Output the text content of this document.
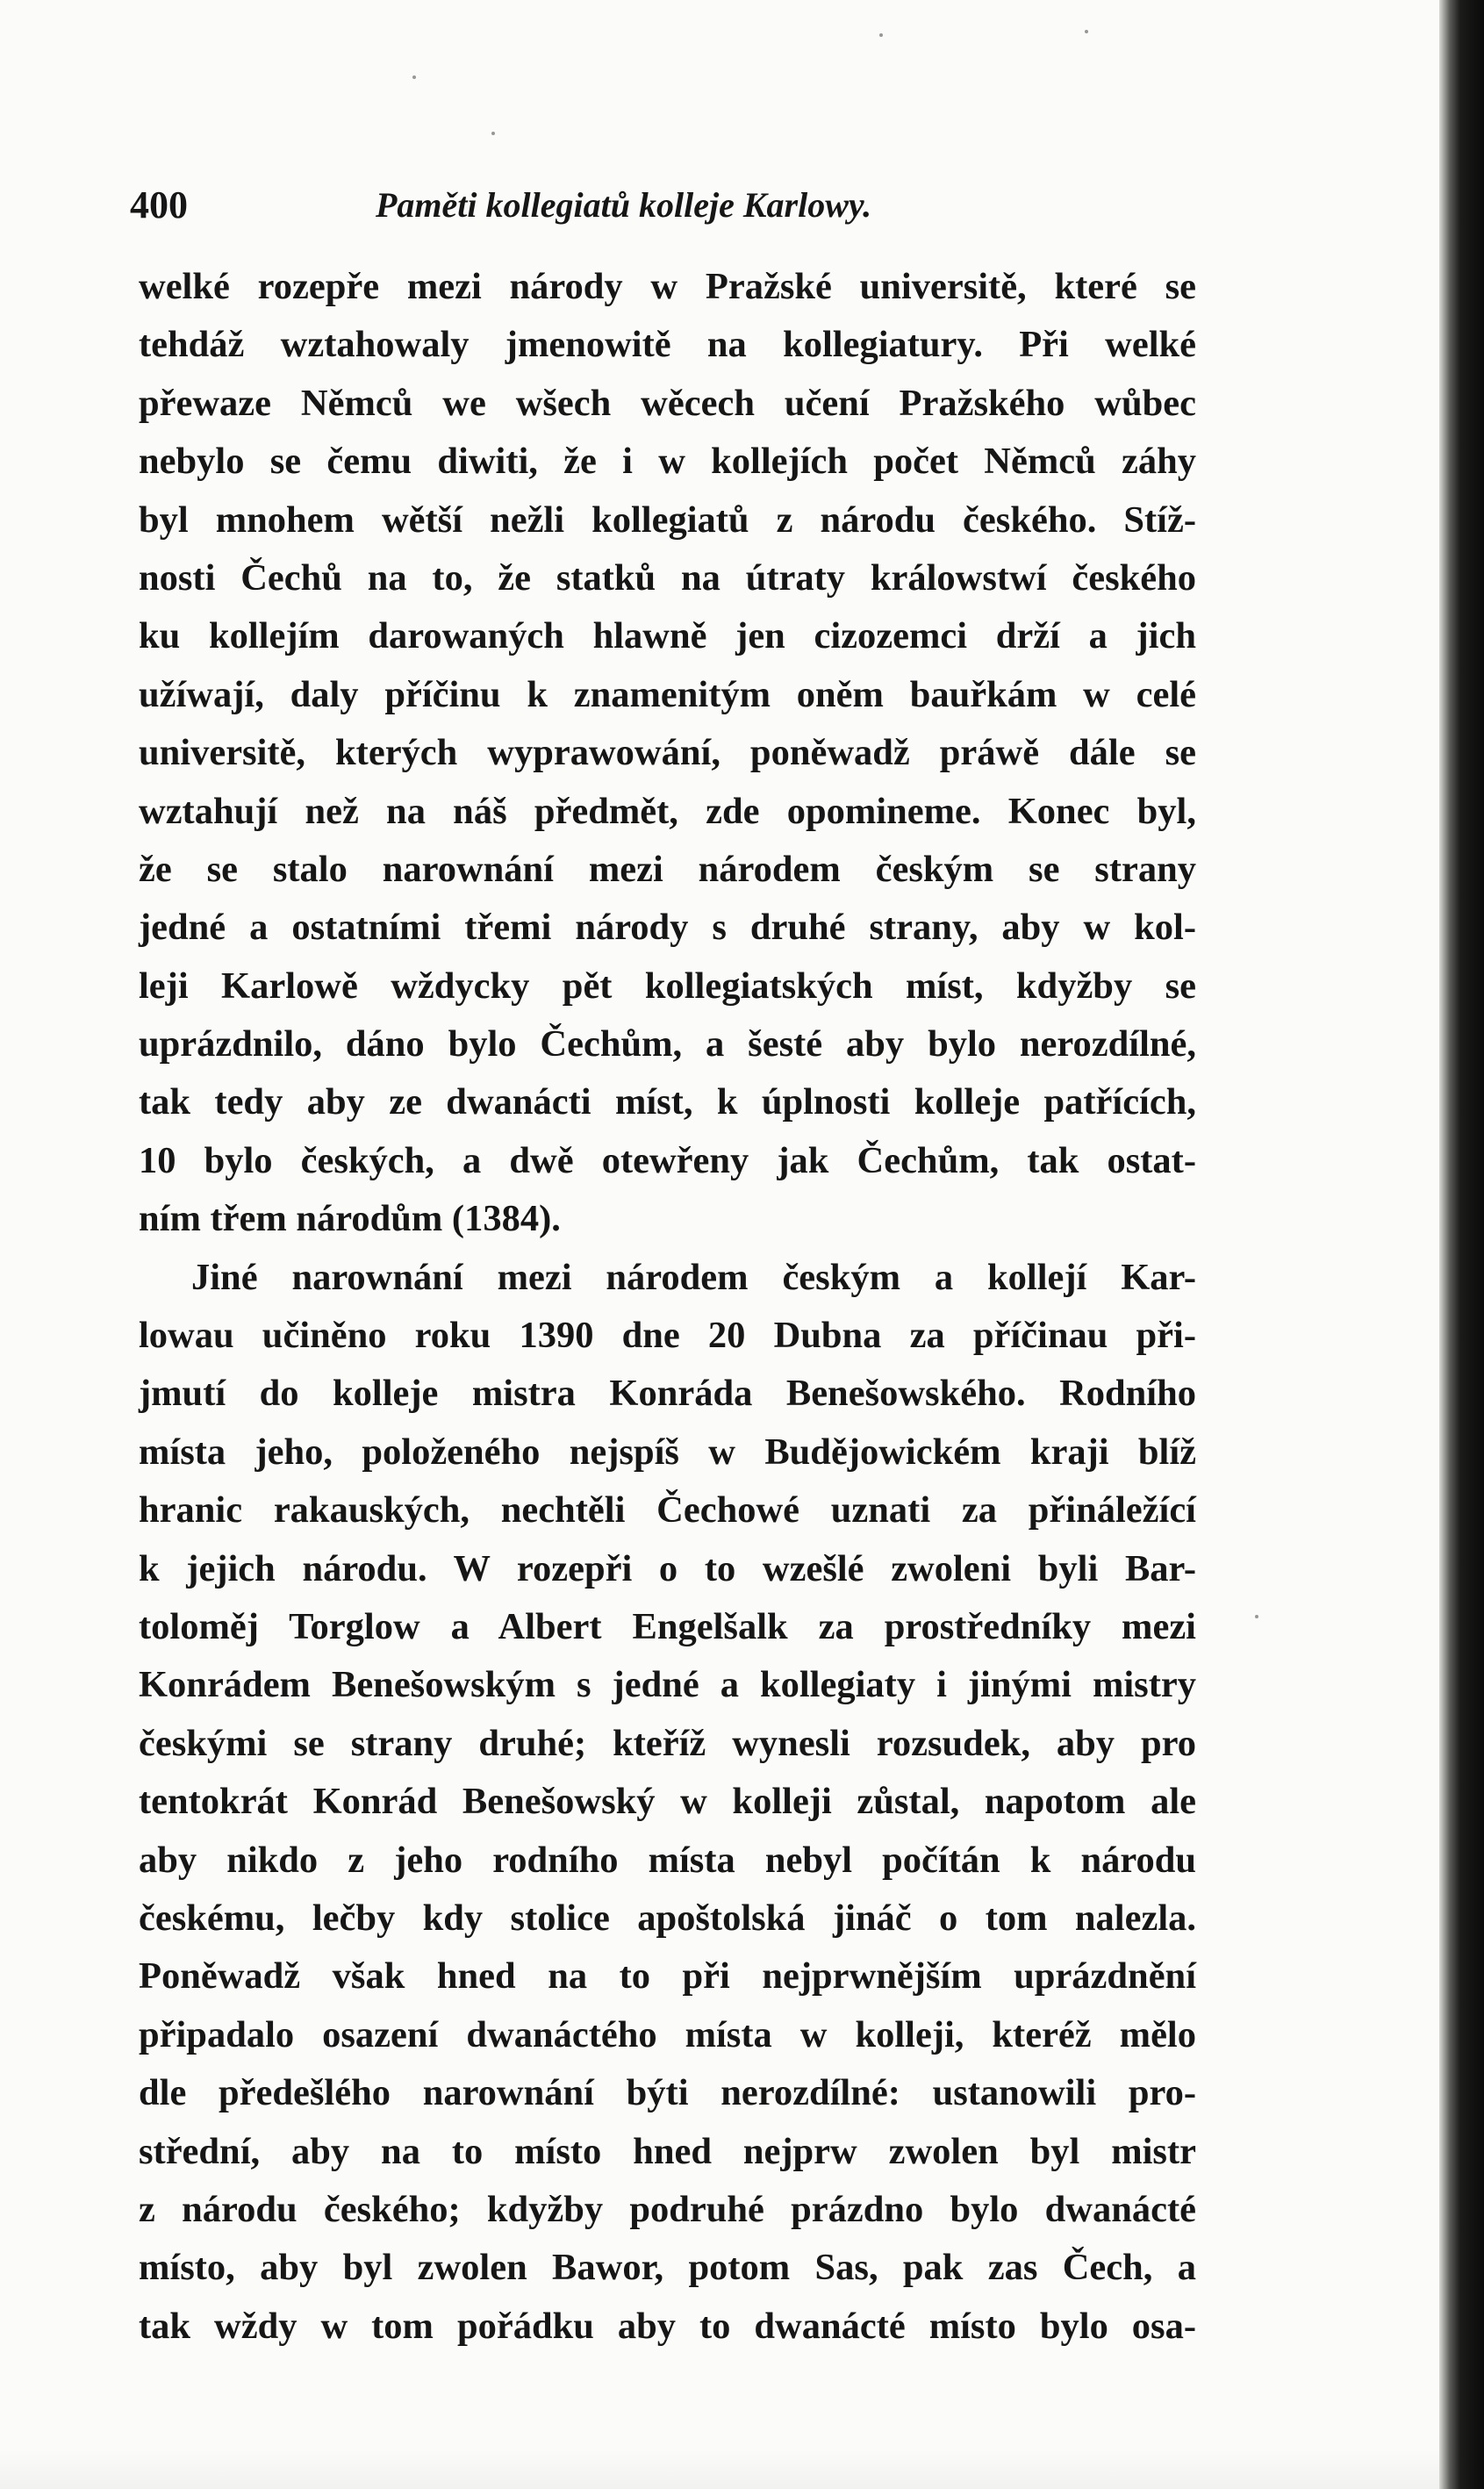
400	Paměti kollegiatů kolleje Karlowy.
welké rozepře mezi národy w Pražské universitě, které se
tehdáž wztahowaly jmenowitě na kollegiatury. Při welké
přewaze Němců we wšech wěcech učení Pražského wůbec
nebylo se čemu diwiti, že i w kollejích počet Němců záhy
byl mnohem wětší nežli kollegiatů z národu českého. Stíž-
nosti Čechů na to, že statků na útraty králowstwí českého
ku kollejím darowaných hlawně jen cizozemci drží a jich
užíwají, daly příčinu k znamenitým oněm bauřkám w celé
universitě, kterých wyprawowání, poněwadž práwě dále se
wztahují než na náš předmět, zde opomineme. Konec byl,
že se stalo narownání mezi národem českým se strany
jedné a ostatními třemi národy s druhé strany, aby w kol-
leji Karlowě wždycky pět kollegiatských míst, kdyžby se
uprázdnilo, dáno bylo Čechům, a šesté aby bylo nerozdílné,
tak tedy aby ze dwanácti míst, k úplnosti kolleje patřících,
10 bylo českých, a dwě otewřeny jak Čechům, tak ostat-
ním třem národům (1384).
Jiné narownání mezi národem českým a kollejí Kar-
lowau učiněno roku 1390 dne 20 Dubna za příčinau při-
jmutí do kolleje mistra Konráda Benešowského. Rodního
místa jeho, položeného nejspíš w Budějowickém kraji blíž
hranic rakauských, nechtěli Čechowé uznati za přináležící
k jejich národu. W rozepři o to wzešlé zwoleni byli Bar-
toloměj Torglow a Albert Engelšalk za prostředníky mezi
Konrádem Benešowským s jedné a kollegiaty i jinými mistry
českými se strany druhé; kteříž wynesli rozsudek, aby pro
tentokrát Konrád Benešowský w kolleji zůstal, napotom ale
aby nikdo z jeho rodního místa nebyl počítán k národu
českému, lečby kdy stolice apoštolská jináč o tom nalezla.
Poněwadž však hned na to při nejprwnějším uprázdnění
připadalo osazení dwanáctého místa w kolleji, kteréž mělo
dle předešlého narownání býti nerozdílné: ustanowili pro-
střední, aby na to místo hned nejprw zwolen byl mistr
z národu českého; kdyžby podruhé prázdno bylo dwanácté
místo, aby byl zwolen Bawor, potom Sas, pak zas Čech, a
tak wždy w tom pořádku aby to dwanácté místo bylo osa-
